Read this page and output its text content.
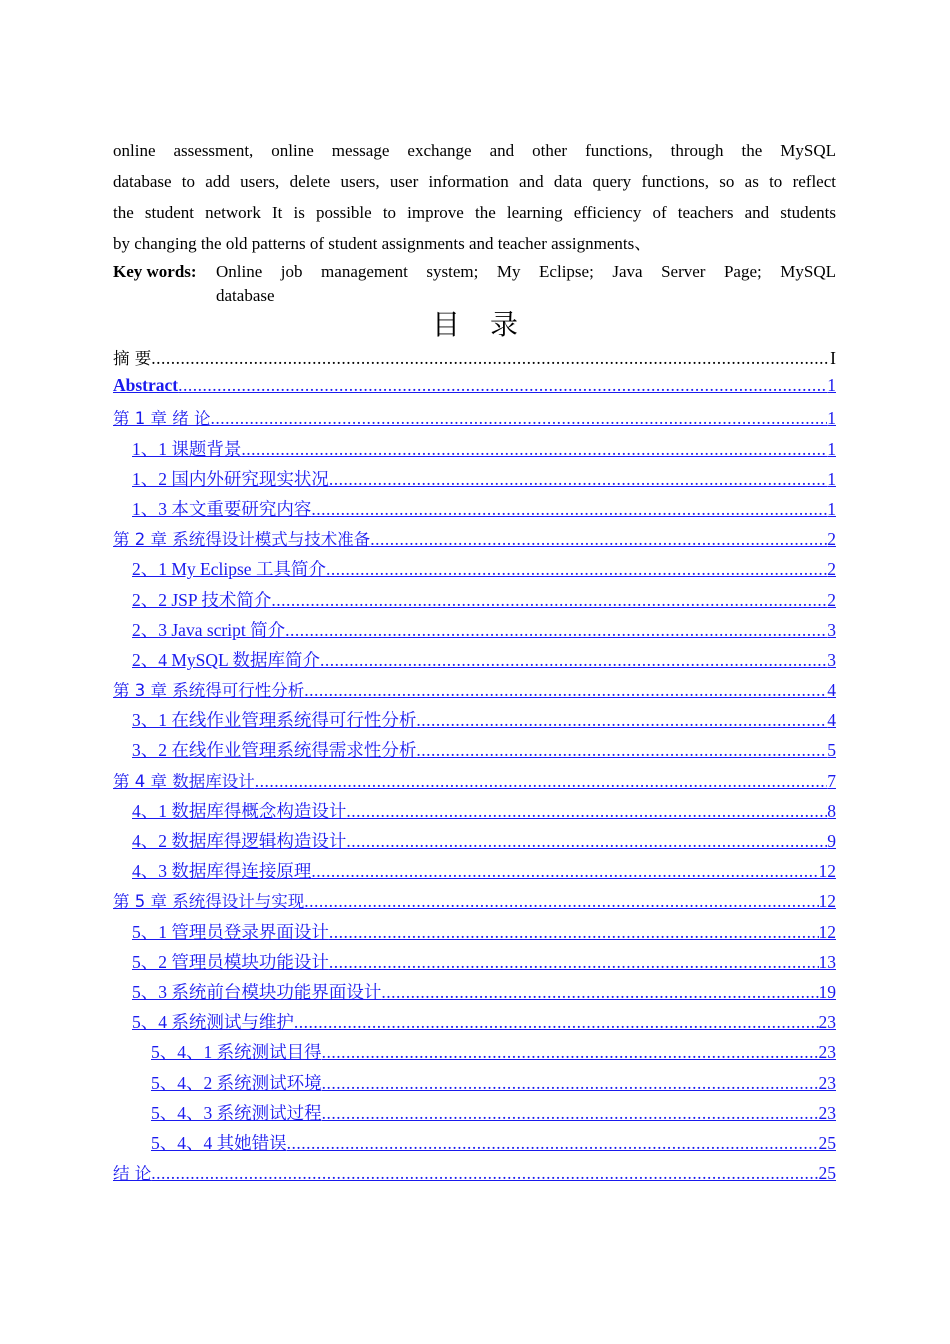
online assessment, online message exchange and other functions, through the MySQL
database to add users, delete users, user information and data query functions, so as to reflect
the student network It is possible to improve the learning efficiency of teachers and students
by changing the old patterns of student assignments and teacher assignments、
Key words:	Online job management system; My Eclipse; Java Server Page; MySQL
database
目录
摘 要 .....	I
Abstract .....	1
第 1 章 绪 论 .....	1
1、1 课题背景 .....	1
1、2 国内外研究现实状况 .....	1
1、3 本文重要研究内容 .....	1
第 2 章 系统得设计模式与技术准备 .....	2
2、1 My Eclipse 工具简介 .....	2
2、2 JSP 技术简介 .....	2
2、3 Java script 简介 .....	3
2、4 MySQL 数据库简介 .....	3
第 3 章 系统得可行性分析 .....	4
3、1 在线作业管理系统得可行性分析 .....	4
3、2 在线作业管理系统得需求性分析 .....	5
第 4 章 数据库设计 .....	7
4、1 数据库得概念构造设计 .....	8
4、2 数据库得逻辑构造设计 .....	9
4、3 数据库得连接原理 .....	12
第 5 章 系统得设计与实现 .....	12
5、1 管理员登录界面设计 .....	12
5、2 管理员模块功能设计 .....	13
5、3 系统前台模块功能界面设计 .....	19
5、4 系统测试与维护 .....	23
5、4、1 系统测试目得 .....	23
5、4、2 系统测试环境 .....	23
5、4、3 系统测试过程 .....	23
5、4、4 其她错误 .....	25
结 论 .....	25
